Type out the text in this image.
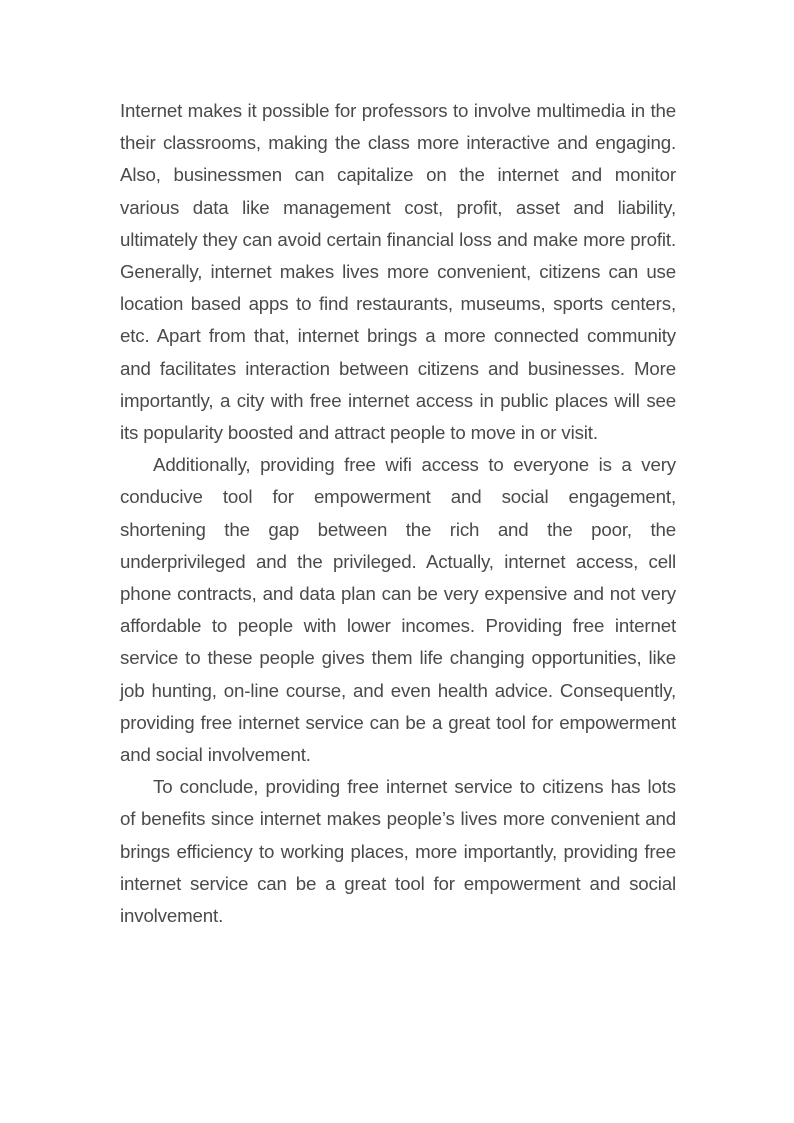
Internet makes it possible for professors to involve multimedia in the their classrooms, making the class more interactive and engaging. Also, businessmen can capitalize on the internet and monitor various data like management cost, profit, asset and liability, ultimately they can avoid certain financial loss and make more profit. Generally, internet makes lives more convenient, citizens can use location based apps to find restaurants, museums, sports centers, etc. Apart from that, internet brings a more connected community and facilitates interaction between citizens and businesses. More importantly, a city with free internet access in public places will see its popularity boosted and attract people to move in or visit.

Additionally, providing free wifi access to everyone is a very conducive tool for empowerment and social engagement, shortening the gap between the rich and the poor, the underprivileged and the privileged. Actually, internet access, cell phone contracts, and data plan can be very expensive and not very affordable to people with lower incomes. Providing free internet service to these people gives them life changing opportunities, like job hunting, on-line course, and even health advice. Consequently, providing free internet service can be a great tool for empowerment and social involvement.

To conclude, providing free internet service to citizens has lots of benefits since internet makes people’s lives more convenient and brings efficiency to working places, more importantly, providing free internet service can be a great tool for empowerment and social involvement.
